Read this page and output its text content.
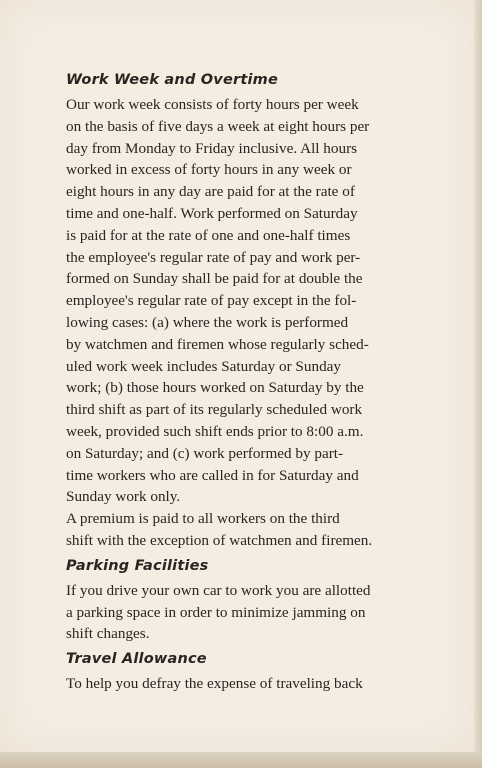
Work Week and Overtime

Our work week consists of forty hours per week
on the basis of five days a week at eight hours per
day from Monday to Friday inclusive. All hours
worked in excess of forty hours in any week or
eight hours in any day are paid for at the rate of
time and one-half. Work performed on Saturday
is paid for at the rate of one and one-half times
the employee's regular rate of pay and work per-
formed on Sunday shall be paid for at double the
employee's regular rate of pay except in the fol-
lowing cases: (a) where the work is performed
by watchmen and firemen whose regularly sched-
uled work week includes Saturday or Sunday
work; (b) those hours worked on Saturday by the
third shift as part of its regularly scheduled work
week, provided such shift ends prior to 8:00 a.m.
on Saturday; and (c) work performed by part-
time workers who are called in for Saturday and
Sunday work only.

A premium is paid to all workers on the third
shift with the exception of watchmen and firemen.

Parking Facilities

If you drive your own car to work you are allotted
a parking space in order to minimize jamming on
shift changes.

Travel Allowance

To help you defray the expense of traveling back
